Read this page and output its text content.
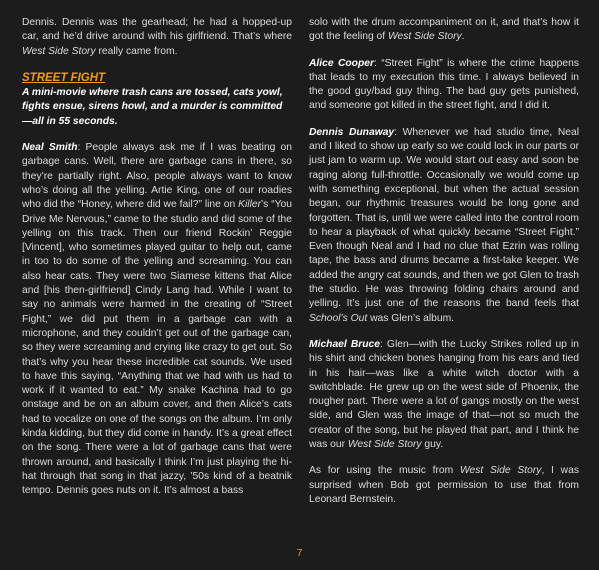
Dennis. Dennis was the gearhead; he had a hopped-up car, and he’d drive around with his girlfriend. That’s where West Side Story really came from.

STREET FIGHT
A mini-movie where trash cans are tossed, cats yowl, fights ensue, sirens howl, and a murder is committed—all in 55 seconds.

Neal Smith: People always ask me if I was beating on garbage cans. Well, there are garbage cans in there, so they’re partially right. Also, people always want to know who’s doing all the yelling. Artie King, one of our roadies who did the “Honey, where did we fail?” line on Killer’s “You Drive Me Nervous,” came to the studio and did some of the yelling on this track. Then our friend Rockin’ Reggie [Vincent], who sometimes played guitar to help out, came in too to do some of the yelling and screaming. You can also hear cats. They were two Siamese kittens that Alice and [his then-girlfriend] Cindy Lang had. While I want to say no animals were harmed in the creating of “Street Fight,” we did put them in a garbage can with a microphone, and they couldn’t get out of the garbage can, so they were screaming and crying like crazy to get out. So that’s why you hear these incredible cat sounds. We used to have this saying, “Anything that we had with us had to work if it wanted to eat.” My snake Kachina had to go onstage and be on an album cover, and then Alice’s cats had to vocalize on one of the songs on the album. I’m only kinda kidding, but they did come in handy. It’s a great effect on the song. There were a lot of garbage cans that were thrown around, and basically I think I’m just playing the hi-hat through that song in that jazzy, ’50s kind of a beatnik tempo. Dennis goes nuts on it. It’s almost a bass

solo with the drum accompaniment on it, and that’s how it got the feeling of West Side Story.

Alice Cooper: “Street Fight” is where the crime happens that leads to my execution this time. I always believed in the good guy/bad guy thing. The bad guy gets punished, and someone got killed in the street fight, and I did it.

Dennis Dunaway: Whenever we had studio time, Neal and I liked to show up early so we could lock in our parts or just jam to warm up. We would start out easy and soon be raging along full-throttle. Occasionally we would come up with something exceptional, but when the actual session began, our rhythmic treasures would be long gone and forgotten. That is, until we were called into the control room to hear a playback of what quickly became “Street Fight.” Even though Neal and I had no clue that Ezrin was rolling tape, the bass and drums became a first-take keeper. We added the angry cat sounds, and then we got Glen to trash the studio. He was throwing folding chairs around and yelling. It’s just one of the reasons the band feels that School’s Out was Glen’s album.

Michael Bruce: Glen—with the Lucky Strikes rolled up in his shirt and chicken bones hanging from his ears and tied in his hair—was like a white witch doctor with a switchblade. He grew up on the west side of Phoenix, the rougher part. There were a lot of gangs mostly on the west side, and Glen was the image of that—not so much the creator of the song, but he played that part, and I think he was our West Side Story guy.

As for using the music from West Side Story, I was surprised when Bob got permission to use that from Leonard Bernstein.

7
